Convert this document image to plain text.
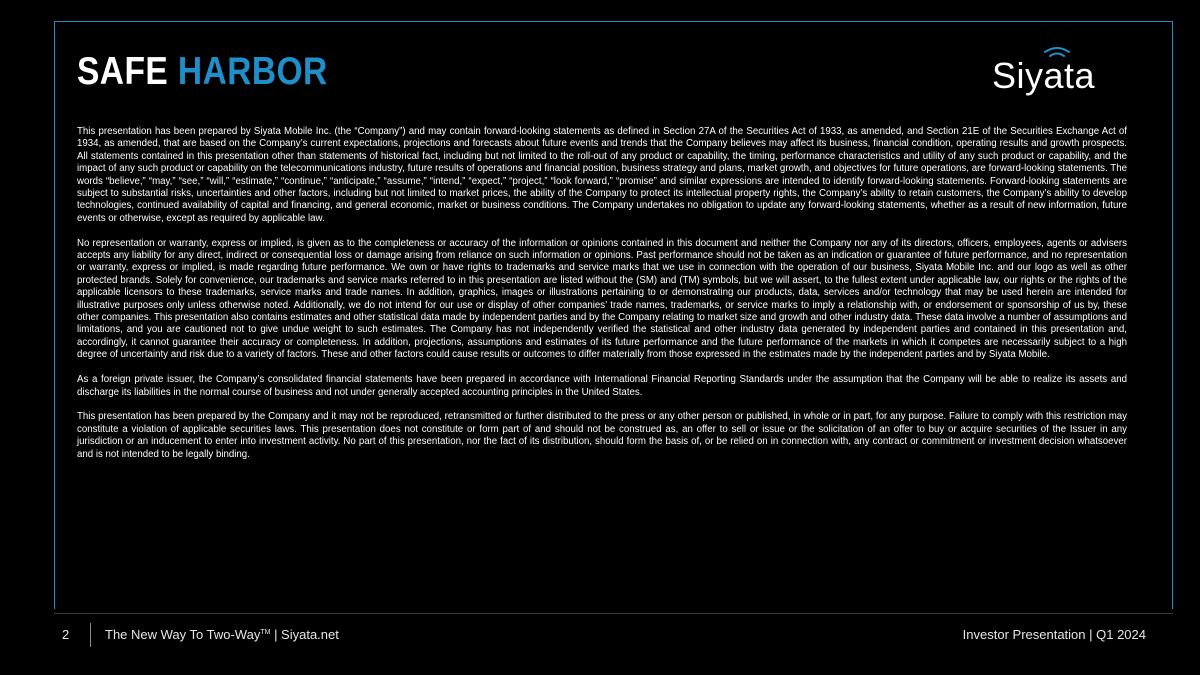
SAFE HARBOR	Siyata

This presentation has been prepared by Siyata Mobile Inc. (the “Company”) and may contain forward-looking statements as defined in Section 27A of the Securities Act of 1933, as amended, and Section 21E of the Securities Exchange Act of 1934, as amended, that are based on the Company’s current expectations, projections and forecasts about future events and trends that the Company believes may affect its business, financial condition, operating results and growth prospects. All statements contained in this presentation other than statements of historical fact, including but not limited to the roll-out of any product or capability, the timing, performance characteristics and utility of any such product or capability, and the impact of any such product or capability on the telecommunications industry, future results of operations and financial position, business strategy and plans, market growth, and objectives for future operations, are forward-looking statements. The words “believe,” “may,” “see,” “will,” “estimate,” “continue,” “anticipate,” “assume,” “intend,” “expect,” “project,” “look forward,” “promise” and similar expressions are intended to identify forward-looking statements. Forward-looking statements are subject to substantial risks, uncertainties and other factors, including but not limited to market prices, the ability of the Company to protect its intellectual property rights, the Company’s ability to retain customers, the Company’s ability to develop technologies, continued availability of capital and financing, and general economic, market or business conditions. The Company undertakes no obligation to update any forward-looking statements, whether as a result of new information, future events or otherwise, except as required by applicable law.

No representation or warranty, express or implied, is given as to the completeness or accuracy of the information or opinions contained in this document and neither the Company nor any of its directors, officers, employees, agents or advisers accepts any liability for any direct, indirect or consequential loss or damage arising from reliance on such information or opinions. Past performance should not be taken as an indication or guarantee of future performance, and no representation or warranty, express or implied, is made regarding future performance. We own or have rights to trademarks and service marks that we use in connection with the operation of our business, Siyata Mobile Inc. and our logo as well as other protected brands. Solely for convenience, our trademarks and service marks referred to in this presentation are listed without the (SM) and (TM) symbols, but we will assert, to the fullest extent under applicable law, our rights or the rights of the applicable licensors to these trademarks, service marks and trade names. In addition, graphics, images or illustrations pertaining to or demonstrating our products, data, services and/or technology that may be used herein are intended for illustrative purposes only unless otherwise noted. Additionally, we do not intend for our use or display of other companies’ trade names, trademarks, or service marks to imply a relationship with, or endorsement or sponsorship of us by, these other companies. This presentation also contains estimates and other statistical data made by independent parties and by the Company relating to market size and growth and other industry data. These data involve a number of assumptions and limitations, and you are cautioned not to give undue weight to such estimates. The Company has not independently verified the statistical and other industry data generated by independent parties and contained in this presentation and, accordingly, it cannot guarantee their accuracy or completeness. In addition, projections, assumptions and estimates of its future performance and the future performance of the markets in which it competes are necessarily subject to a high degree of uncertainty and risk due to a variety of factors. These and other factors could cause results or outcomes to differ materially from those expressed in the estimates made by the independent parties and by Siyata Mobile.

As a foreign private issuer, the Company’s consolidated financial statements have been prepared in accordance with International Financial Reporting Standards under the assumption that the Company will be able to realize its assets and discharge its liabilities in the normal course of business and not under generally accepted accounting principles in the United States.

This presentation has been prepared by the Company and it may not be reproduced, retransmitted or further distributed to the press or any other person or published, in whole or in part, for any purpose. Failure to comply with this restriction may constitute a violation of applicable securities laws. This presentation does not constitute or form part of and should not be construed as, an offer to sell or issue or the solicitation of an offer to buy or acquire securities of the Issuer in any jurisdiction or an inducement to enter into investment activity. No part of this presentation, nor the fact of its distribution, should form the basis of, or be relied on in connection with, any contract or commitment or investment decision whatsoever and is not intended to be legally binding.

2	The New Way To Two-Way™ | Siyata.net	Investor Presentation | Q1 2024
